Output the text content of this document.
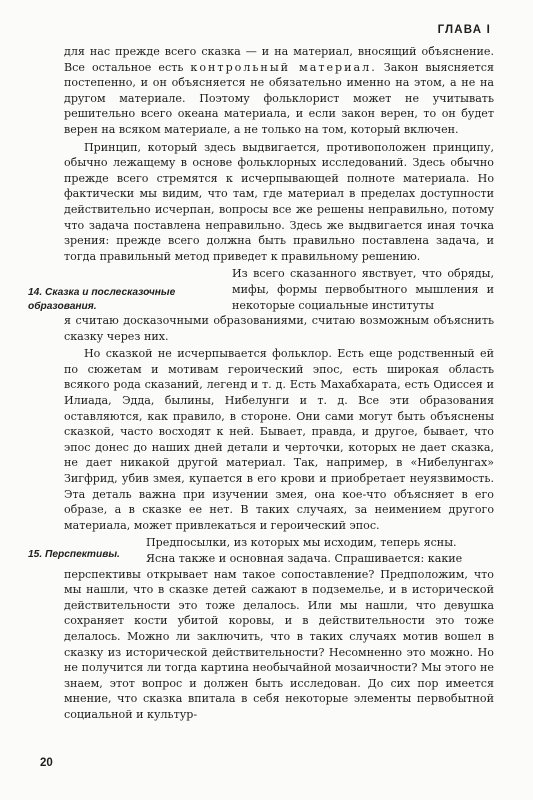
ГЛАВА I

для нас прежде всего сказка — и на материал, вносящий объяснение. Все остальное есть контрольный материал. Закон выясняется постепенно, и он объясняется не обязательно именно на этом, а не на другом материале. Поэтому фольклорист может не учитывать решительно всего океана материала, и если закон верен, то он будет верен на всяком материале, а не только на том, который включен.

Принцип, который здесь выдвигается, противоположен принципу, обычно лежащему в основе фольклорных исследований. Здесь обычно прежде всего стремятся к исчерпывающей полноте материала. Но фактически мы видим, что там, где материал в пределах доступности действительно исчерпан, вопросы все же решены неправильно, потому что задача поставлена неправильно. Здесь же выдвигается иная точка зрения: прежде всего должна быть правильно поставлена задача, и тогда правильный метод приведет к правильному решению.

Из всего сказанного явствует, что обряды, мифы, формы первобытного мышления и некоторые социальные институты
я считаю досказочными образованиями, считаю возможным объяснить сказку через них.

Но сказкой не исчерпывается фольклор. Есть еще родственный ей по сюжетам и мотивам героический эпос, есть широкая область всякого рода сказаний, легенд и т. д. Есть Махабхарата, есть Одиссея и Илиада, Эдда, былины, Нибелунги и т. д. Все эти образования оставляются, как правило, в стороне. Они сами могут быть объяснены сказкой, часто восходят к ней. Бывает, правда, и другое, бывает, что эпос донес до наших дней детали и черточки, которых не дает сказка, не дает никакой другой материал. Так, например, в «Нибелунгах» Зигфрид, убив змея, купается в его крови и приобретает неуязвимость. Эта деталь важна при изучении змея, она кое-что объясняет в его образе, а в сказке ее нет. В таких случаях, за неимением другого материала, может привлекаться и героический эпос.

Предпосылки, из которых мы исходим, теперь ясны.
Ясна также и основная задача. Спрашивается: какие
перспективы открывает нам такое сопоставление? Предположим, что мы нашли, что в сказке детей сажают в подземелье, и в исторической действительности это тоже делалось. Или мы нашли, что девушка сохраняет кости убитой коровы, и в действительности это тоже делалось. Можно ли заключить, что в таких случаях мотив вошел в сказку из исторической действительности? Несомненно это можно. Но не получится ли тогда картина необычайной мозаичности? Мы этого не знаем, этот вопрос и должен быть исследован. До сих пор имеется мнение, что сказка впитала в себя некоторые элементы первобытной социальной и культур-

14. Сказка и послесказочные
образования.
15. Перспективы.
20
